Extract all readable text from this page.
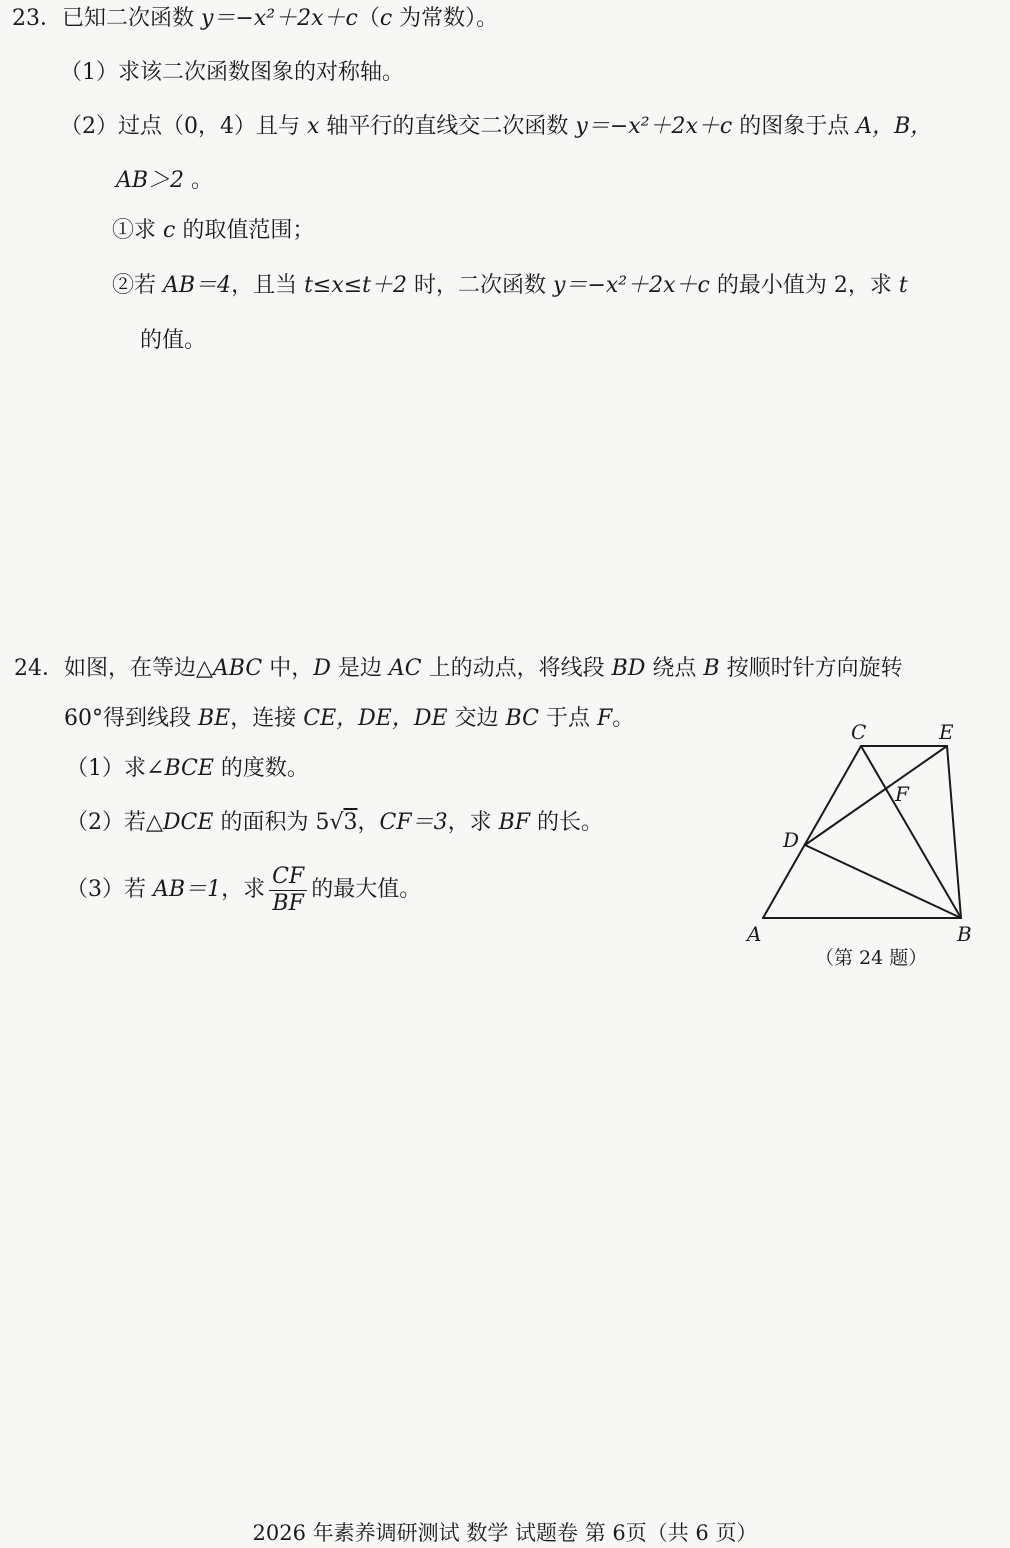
23．已知二次函数 y＝−x²＋2x＋c（c 为常数）。
（1）求该二次函数图象的对称轴。
（2）过点（0，4）且与 x 轴平行的直线交二次函数 y＝−x²＋2x＋c 的图象于点 A，B，
AB＞2 。
①求 c 的取值范围；
②若 AB＝4，且当 t≤x≤t＋2 时，二次函数 y＝−x²＋2x＋c 的最小值为 2，求 t
的值。
24．如图，在等边△ABC 中，D 是边 AC 上的动点，将线段 BD 绕点 B 按顺时针方向旋转
60°得到线段 BE，连接 CE，DE，DE 交边 BC 于点 F。
（1）求∠BCE 的度数。
（2）若△DCE 的面积为 5√3，CF＝3，求 BF 的长。
（3）若 AB＝1，求 $\frac{CF}{BF}$ 的最大值。
A	B
C
D
E
F
（第 24 题）
2026 年素养调研测试 数学 试题卷 第 6页（共 6 页）
